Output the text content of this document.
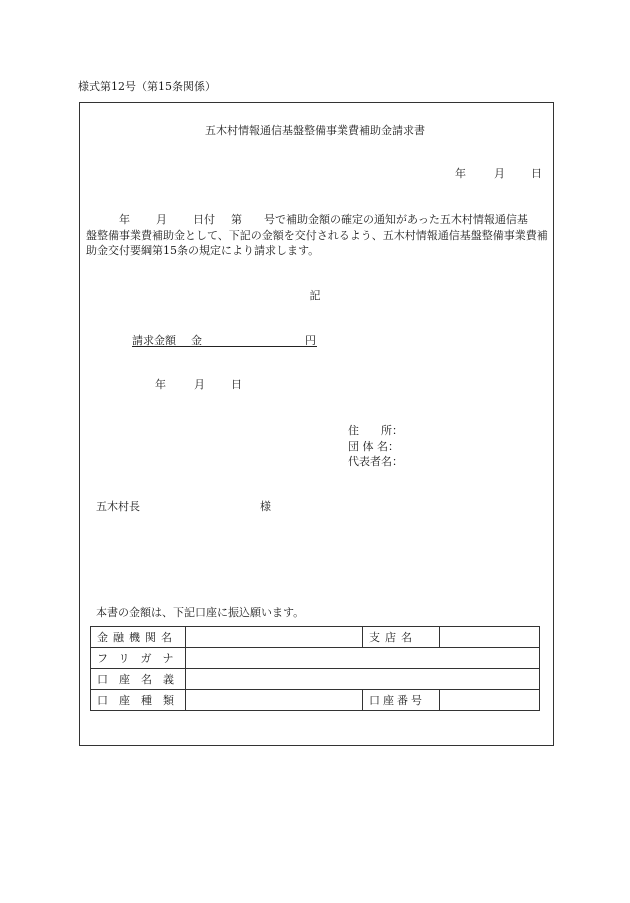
様式第12号（第15条関係）
五木村情報通信基盤整備事業費補助金請求書
年	月 日

年 月 日付 第 号で補助金額の確定の通知があった五木村情報通信基

盤整備事業費補助金として、下記の金額を交付されるよう、五木村情報通信基盤整備事業費補助金交付要綱第15条の規定により請求します。

記
請求金額 金	円
年	月 日
住　　所：
団 体 名：
代表者名：
五木村長	様
本書の金額は、下記口座に振込願います。
金融機関名		支店名	
フリガナ			
口座名義			
口座種類		口座番号	
